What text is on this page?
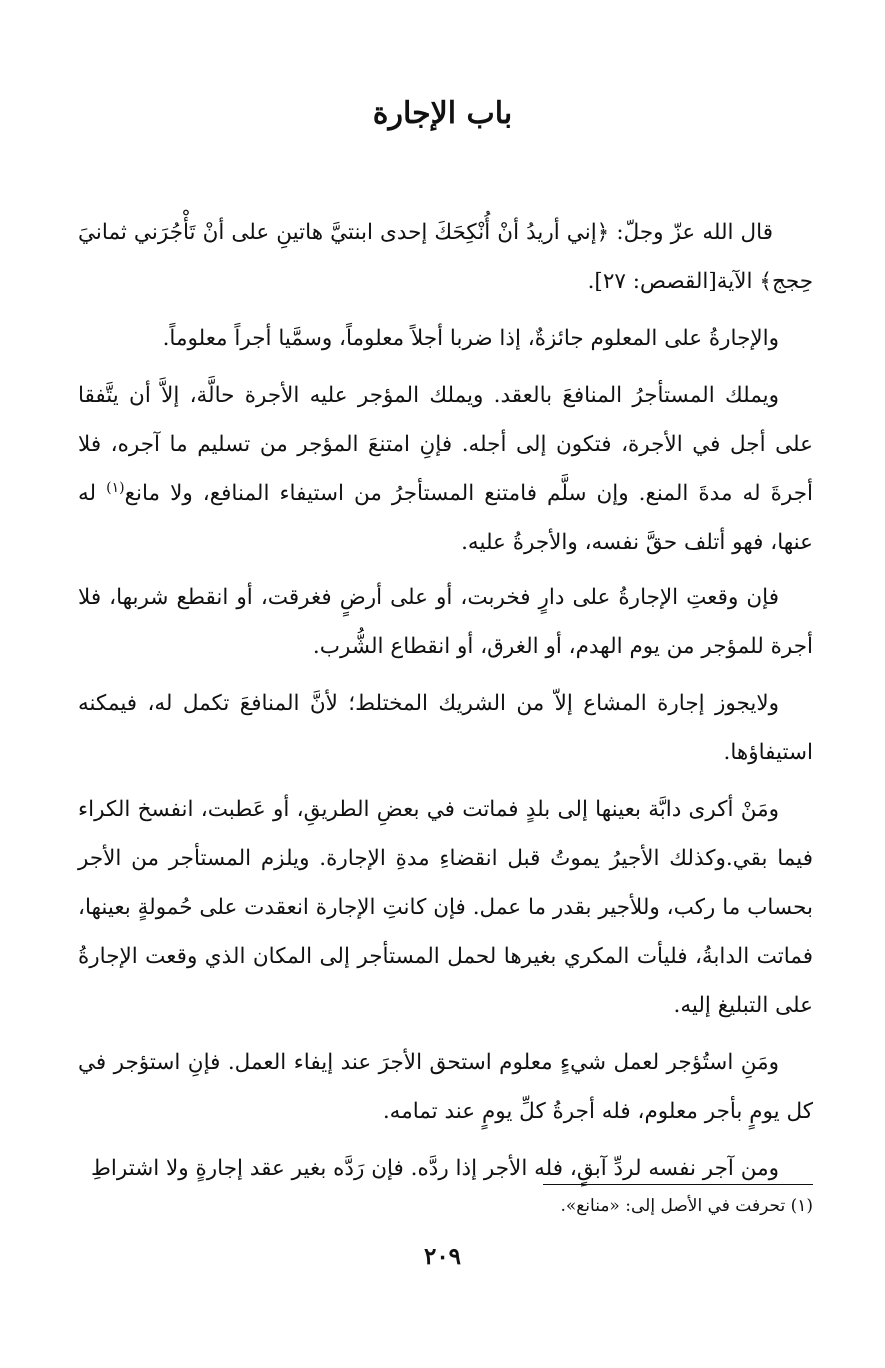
باب الإجارة

قال الله عزّ وجلّ: ﴿إني أريدُ أنْ أُنْكِحَكَ إحدى ابنتيَّ هاتينِ على أنْ تَأْجُرَني ثمانيَ حِجج﴾ الآية[القصص: ٢٧].

والإجارةُ على المعلوم جائزةٌ، إذا ضربا أجلاً معلوماً، وسمَّيا أجراً معلوماً.

ويملك المستأجرُ المنافعَ بالعقد. ويملك المؤجر عليه الأجرة حالَّة، إلاَّ أن يتَّفقا على أجل في الأجرة، فتكون إلى أجله. فإنِ امتنعَ المؤجر من تسليم ما آجره، فلا أجرةَ له مدةَ المنع. وإن سلَّم فامتنع المستأجرُ من استيفاء المنافع، ولا مانع$^{(١)}$ له عنها، فهو أتلف حقَّ نفسه، والأجرةُ عليه.

فإن وقعتِ الإجارةُ على دارٍ فخربت، أو على أرضٍ فغرقت، أو انقطع شربها، فلا أجرة للمؤجر من يوم الهدم، أو الغرق، أو انقطاع الشُّرب.

ولايجوز إجارة المشاع إلاّ من الشريك المختلط؛ لأنَّ المنافعَ تكمل له، فيمكنه استيفاؤها.

ومَنْ أكرى دابَّة بعينها إلى بلدٍ فماتت في بعضِ الطريقِ، أو عَطبت، انفسخ الكراء فيما بقي.وكذلك الأجيرُ يموتُ قبل انقضاءِ مدةِ الإجارة. ويلزم المستأجر من الأجر بحساب ما ركب، وللأجير بقدر ما عمل. فإن كانتِ الإجارة انعقدت على حُمولةٍ بعينها، فماتت الدابةُ، فليأت المكري بغيرها لحمل المستأجر إلى المكان الذي وقعت الإجارةُ على التبليغ إليه.

ومَنِ استُؤجر لعمل شيءٍ معلوم استحق الأجرَ عند إيفاء العمل. فإنِ استؤجر في كل يومٍ بأجر معلوم، فله أجرةُ كلِّ يومٍ عند تمامه.

ومن آجر نفسه لردِّ آبقٍ، فله الأجر إذا ردَّه. فإن رَدَّه بغير عقد إجارةٍ ولا اشتراطِ

(١) تحرفت في الأصل إلى: «منانع».
٢٠٩
